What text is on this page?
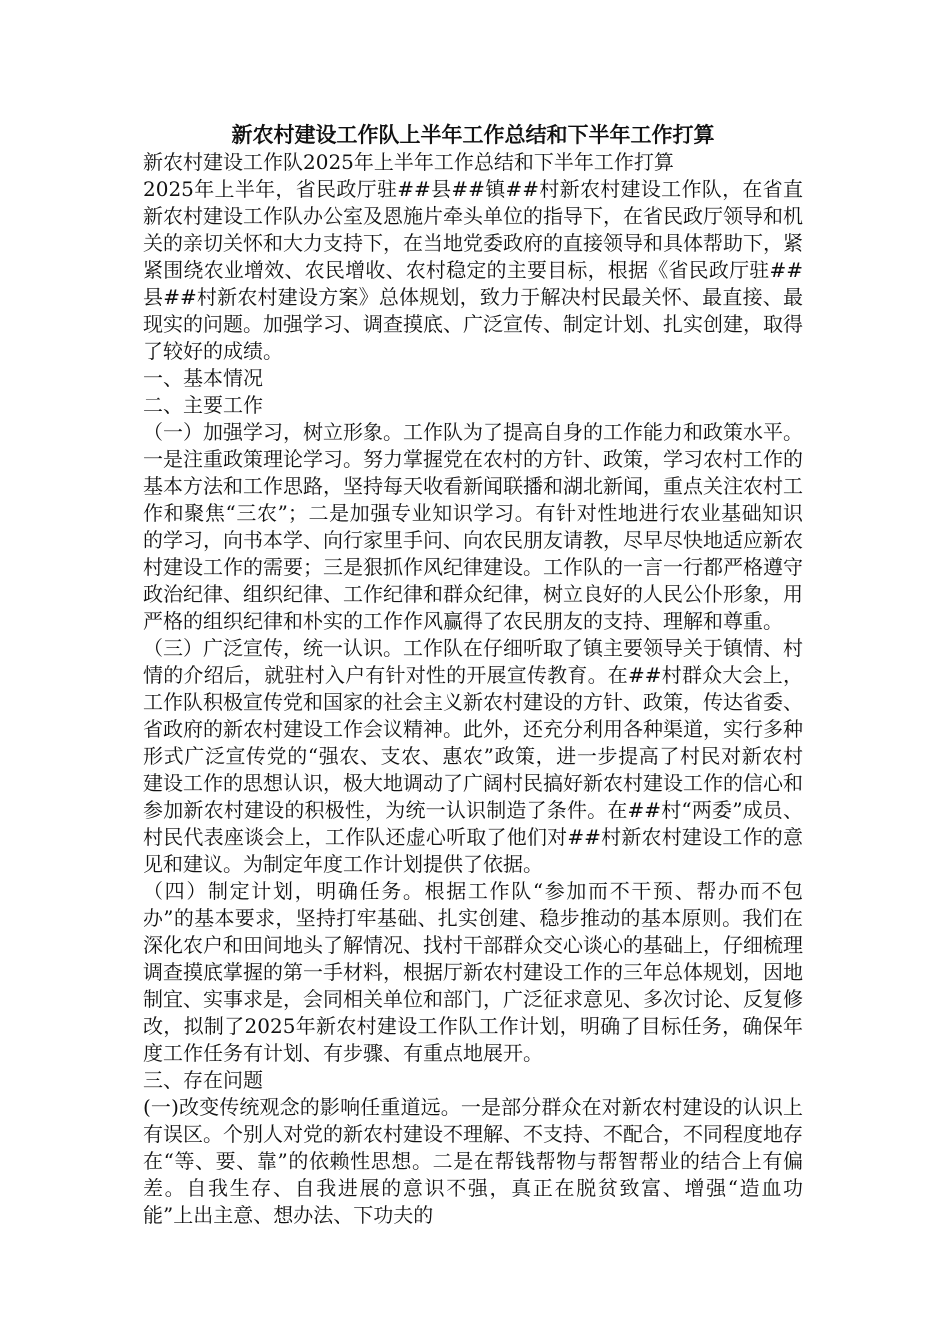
新农村建设工作队上半年工作总结和下半年工作打算

新农村建设工作队2025年上半年工作总结和下半年工作打算

2025年上半年，省民政厅驻##县##镇##村新农村建设工作队，在省直新农村建设工作队办公室及恩施片牵头单位的指导下，在省民政厅领导和机关的亲切关怀和大力支持下，在当地党委政府的直接领导和具体帮助下，紧紧围绕农业增效、农民增收、农村稳定的主要目标，根据《省民政厅驻##县##村新农村建设方案》总体规划，致力于解决村民最关怀、最直接、最现实的问题。加强学习、调查摸底、广泛宣传、制定计划、扎实创建，取得了较好的成绩。

一、基本情况

二、主要工作

（一）加强学习，树立形象。工作队为了提高自身的工作能力和政策水平。一是注重政策理论学习。努力掌握党在农村的方针、政策，学习农村工作的基本方法和工作思路，坚持每天收看新闻联播和湖北新闻，重点关注农村工作和聚焦“三农”；二是加强专业知识学习。有针对性地进行农业基础知识的学习，向书本学、向行家里手问、向农民朋友请教，尽早尽快地适应新农村建设工作的需要；三是狠抓作风纪律建设。工作队的一言一行都严格遵守政治纪律、组织纪律、工作纪律和群众纪律，树立良好的人民公仆形象，用严格的组织纪律和朴实的工作作风赢得了农民朋友的支持、理解和尊重。

（三）广泛宣传，统一认识。工作队在仔细听取了镇主要领导关于镇情、村情的介绍后，就驻村入户有针对性的开展宣传教育。在##村群众大会上，工作队积极宣传党和国家的社会主义新农村建设的方针、政策，传达省委、省政府的新农村建设工作会议精神。此外，还充分利用各种渠道，实行多种形式广泛宣传党的“强农、支农、惠农”政策，进一步提高了村民对新农村建设工作的思想认识，极大地调动了广阔村民搞好新农村建设工作的信心和参加新农村建设的积极性，为统一认识制造了条件。在##村“两委”成员、村民代表座谈会上，工作队还虚心听取了他们对##村新农村建设工作的意见和建议。为制定年度工作计划提供了依据。

（四）制定计划，明确任务。根据工作队“参加而不干预、帮办而不包办”的基本要求，坚持打牢基础、扎实创建、稳步推动的基本原则。我们在深化农户和田间地头了解情况、找村干部群众交心谈心的基础上，仔细梳理调查摸底掌握的第一手材料，根据厅新农村建设工作的三年总体规划，因地制宜、实事求是，会同相关单位和部门，广泛征求意见、多次讨论、反复修改，拟制了2025年新农村建设工作队工作计划，明确了目标任务，确保年度工作任务有计划、有步骤、有重点地展开。

三、存在问题

(一)改变传统观念的影响任重道远。一是部分群众在对新农村建设的认识上有误区。个别人对党的新农村建设不理解、不支持、不配合，不同程度地存在“等、要、靠”的依赖性思想。二是在帮钱帮物与帮智帮业的结合上有偏差。自我生存、自我进展的意识不强，真正在脱贫致富、增强“造血功能”上出主意、想办法、下功夫的
